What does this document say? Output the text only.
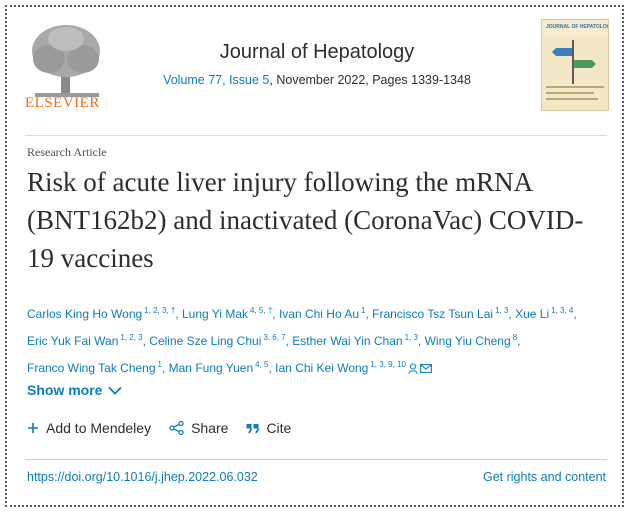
ELSEVIER
Journal of Hepatology
Volume 77, Issue 5, November 2022, Pages 1339-1348
JOURNAL OF HEPATOLOGY
Research Article
Risk of acute liver injury following the mRNA (BNT162b2) and inactivated (CoronaVac) COVID-19 vaccines
Carlos King Ho Wong $^{1, 2, 3, \dagger}$, Lung Yi Mak $^{4, 5, \dagger}$, Ivan Chi Ho Au $^1$, Francisco Tsz Tsun Lai $^{1, 3}$, Xue Li $^{1, 3, 4}$, Eric Yuk Fai Wan $^{1, 2, 3}$, Celine Sze Ling Chui $^{3, 6, 7}$, Esther Wai Yin Chan $^{1, 3}$, Wing Yiu Cheng $^8$, Franco Wing Tak Cheng $^1$, Man Fung Yuen $^{4, 5}$, Ian Chi Kei Wong $^{1, 3, 9, 10}$
Show more
Add to Mendeley	Share	Cite
https://doi.org/10.1016/j.jhep.2022.06.032	Get rights and content
